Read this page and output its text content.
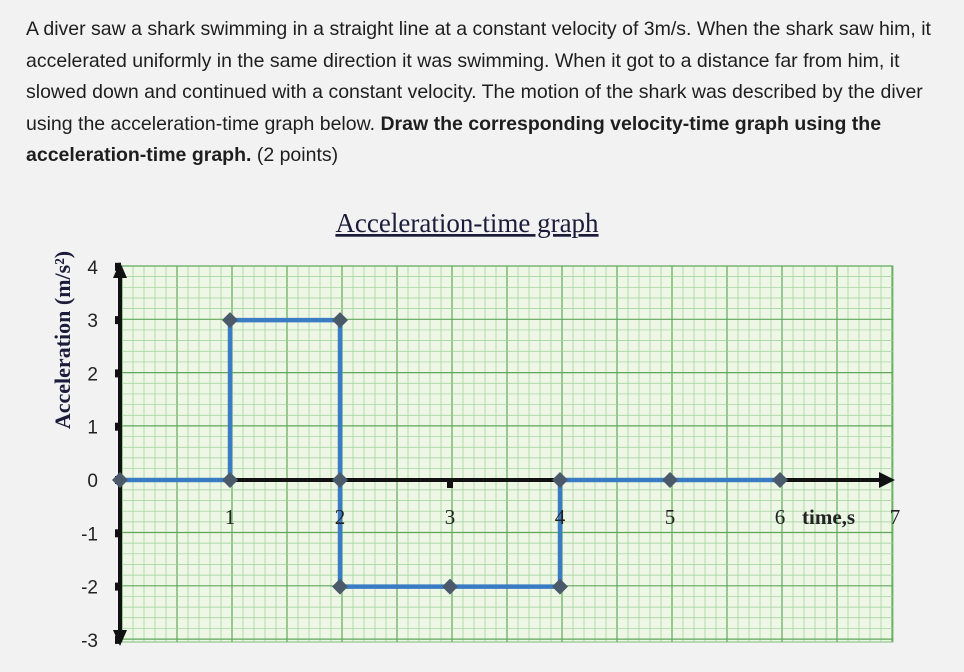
A diver saw a shark swimming in a straight line at a constant velocity of 3m/s. When the shark saw him, it accelerated uniformly in the same direction it was swimming. When it got to a distance far from him, it slowed down and continued with a constant velocity. The motion of the shark was described by the diver using the acceleration-time graph below. Draw the corresponding velocity-time graph using the acceleration-time graph. (2 points)

4
3
2
1
0
-1
-2
-3
1	2	3	4	5	6	7
time,s
Acceleration-time graph
Acceleration (m/s²)
